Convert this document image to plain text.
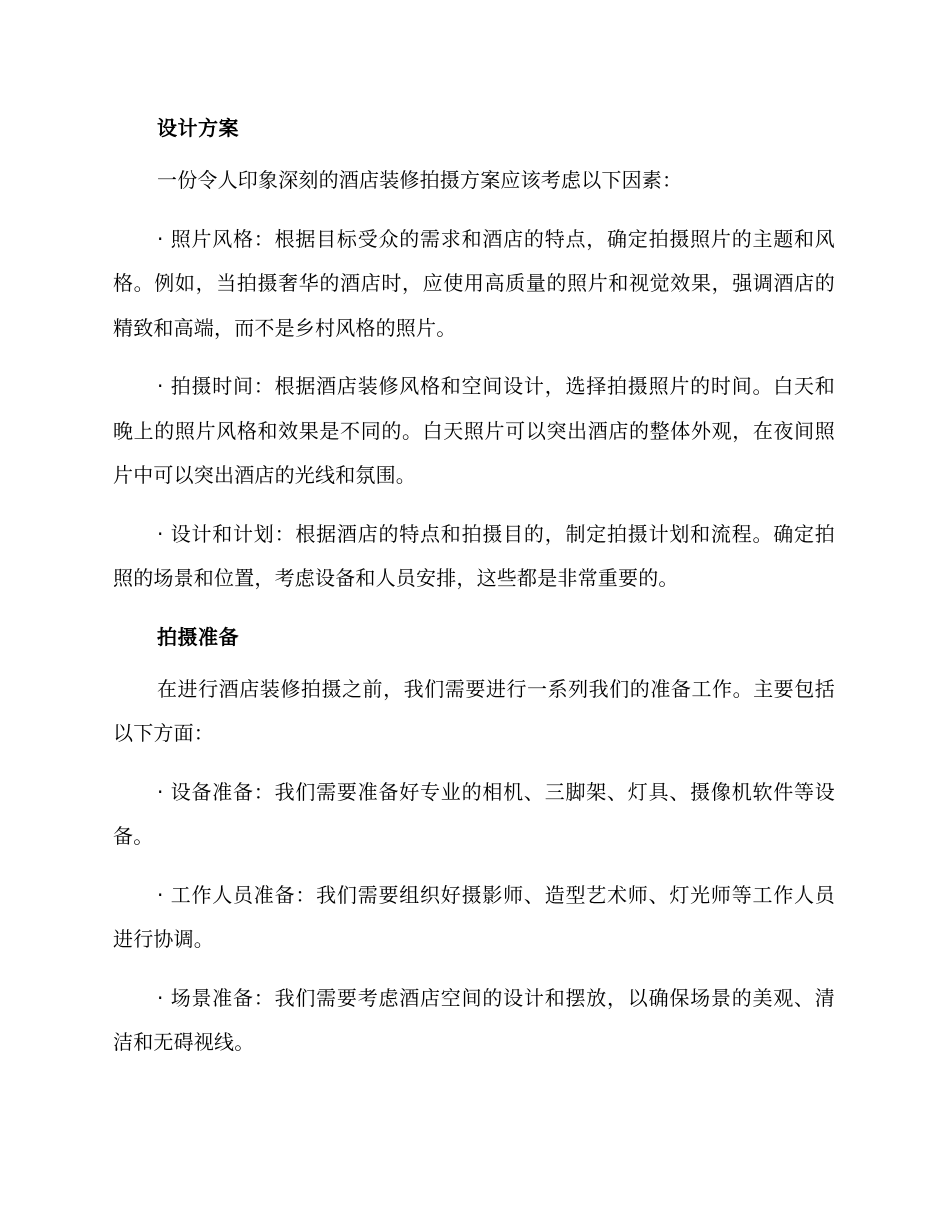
设计方案

一份令人印象深刻的酒店装修拍摄方案应该考虑以下因素：

· 照片风格：根据目标受众的需求和酒店的特点，确定拍摄照片的主题和风格。例如，当拍摄奢华的酒店时，应使用高质量的照片和视觉效果，强调酒店的精致和高端，而不是乡村风格的照片。

· 拍摄时间：根据酒店装修风格和空间设计，选择拍摄照片的时间。白天和晚上的照片风格和效果是不同的。白天照片可以突出酒店的整体外观，在夜间照片中可以突出酒店的光线和氛围。

· 设计和计划：根据酒店的特点和拍摄目的，制定拍摄计划和流程。确定拍照的场景和位置，考虑设备和人员安排，这些都是非常重要的。

拍摄准备

在进行酒店装修拍摄之前，我们需要进行一系列我们的准备工作。主要包括以下方面：

· 设备准备：我们需要准备好专业的相机、三脚架、灯具、摄像机软件等设备。

· 工作人员准备：我们需要组织好摄影师、造型艺术师、灯光师等工作人员进行协调。

· 场景准备：我们需要考虑酒店空间的设计和摆放，以确保场景的美观、清洁和无碍视线。
